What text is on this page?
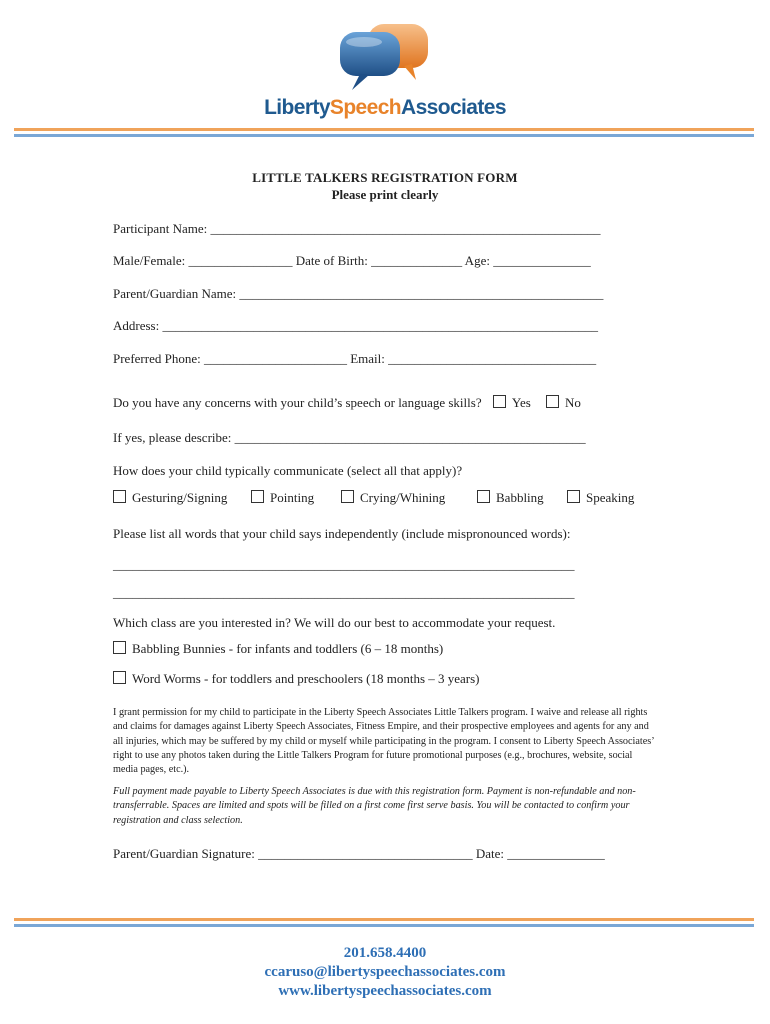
LibertySpeechAssociates
LITTLE TALKERS REGISTRATION FORM
Please print clearly
Participant Name: ____________________________________________________________
Male/Female: ________________ Date of Birth: ______________ Age: _______________
Parent/Guardian Name: ________________________________________________________
Address: ___________________________________________________________________
Preferred Phone: ______________________ Email: ________________________________
Do you have any concerns with your child’s speech or language skills? Yes	No
If yes, please describe: ______________________________________________________
How does your child typically communicate (select all that apply)?
Gesturing/Signing	Pointing	Crying/Whining	Babbling	Speaking
Please list all words that your child says independently (include mispronounced words):
_______________________________________________________________________
_______________________________________________________________________
Which class are you interested in? We will do our best to accommodate your request.
Babbling Bunnies - for infants and toddlers (6 – 18 months)
Word Worms - for toddlers and preschoolers (18 months – 3 years)
I grant permission for my child to participate in the Liberty Speech Associates Little Talkers program. I waive and release all rights and claims for damages against Liberty Speech Associates, Fitness Empire, and their prospective employees and agents for any and all injuries, which may be suffered by my child or myself while participating in the program. I consent to Liberty Speech Associates’ right to use any photos taken during the Little Talkers Program for future promotional purposes (e.g., brochures, website, social media pages, etc.).
Full payment made payable to Liberty Speech Associates is due with this registration form. Payment is non-refundable and non-transferrable. Spaces are limited and spots will be filled on a first come first serve basis. You will be contacted to confirm your registration and class selection.
Parent/Guardian Signature: _________________________________ Date: _______________
201.658.4400
ccaruso@libertyspeechassociates.com
www.libertyspeechassociates.com
